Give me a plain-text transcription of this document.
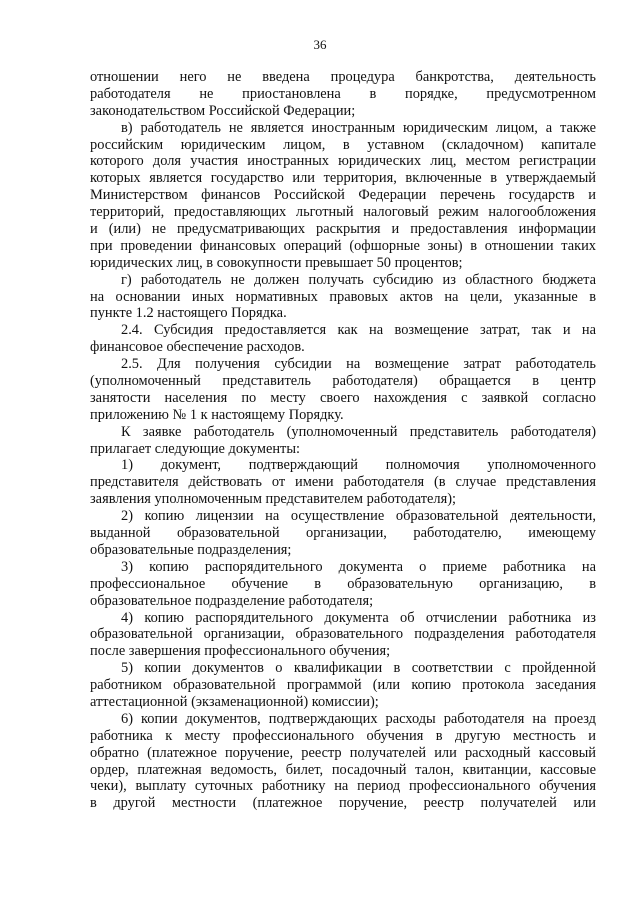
36
отношении него не введена процедура банкротства, деятельность
работодателя не приостановлена в порядке, предусмотренном
законодательством Российской Федерации;
в) работодатель не является иностранным юридическим лицом, а также
российским юридическим лицом, в уставном (складочном) капитале
которого доля участия иностранных юридических лиц, местом регистрации
которых является государство или территория, включенные в утверждаемый
Министерством финансов Российской Федерации перечень государств и
территорий, предоставляющих льготный налоговый режим налогообложения
и (или) не предусматривающих раскрытия и предоставления информации
при проведении финансовых операций (офшорные зоны) в отношении таких
юридических лиц, в совокупности превышает 50 процентов;
г) работодатель не должен получать субсидию из областного бюджета
на основании иных нормативных правовых актов на цели, указанные в
пункте 1.2 настоящего Порядка.
2.4. Субсидия предоставляется как на возмещение затрат, так и на
финансовое обеспечение расходов.
2.5. Для получения субсидии на возмещение затрат работодатель
(уполномоченный представитель работодателя) обращается в центр
занятости населения по месту своего нахождения с заявкой согласно
приложению № 1 к настоящему Порядку.
К заявке работодатель (уполномоченный представитель работодателя)
прилагает следующие документы:
1) документ, подтверждающий полномочия уполномоченного
представителя действовать от имени работодателя (в случае представления
заявления уполномоченным представителем работодателя);
2) копию лицензии на осуществление образовательной деятельности,
выданной образовательной организации, работодателю, имеющему
образовательные подразделения;
3) копию распорядительного документа о приеме работника на
профессиональное обучение в образовательную организацию, в
образовательное подразделение работодателя;
4) копию распорядительного документа об отчислении работника из
образовательной организации, образовательного подразделения работодателя
после завершения профессионального обучения;
5) копии документов о квалификации в соответствии с пройденной
работником образовательной программой (или копию протокола заседания
аттестационной (экзаменационной) комиссии);
6) копии документов, подтверждающих расходы работодателя на проезд
работника к месту профессионального обучения в другую местность и
обратно (платежное поручение, реестр получателей или расходный кассовый
ордер, платежная ведомость, билет, посадочный талон, квитанции, кассовые
чеки), выплату суточных работнику на период профессионального обучения
в другой местности (платежное поручение, реестр получателей или
